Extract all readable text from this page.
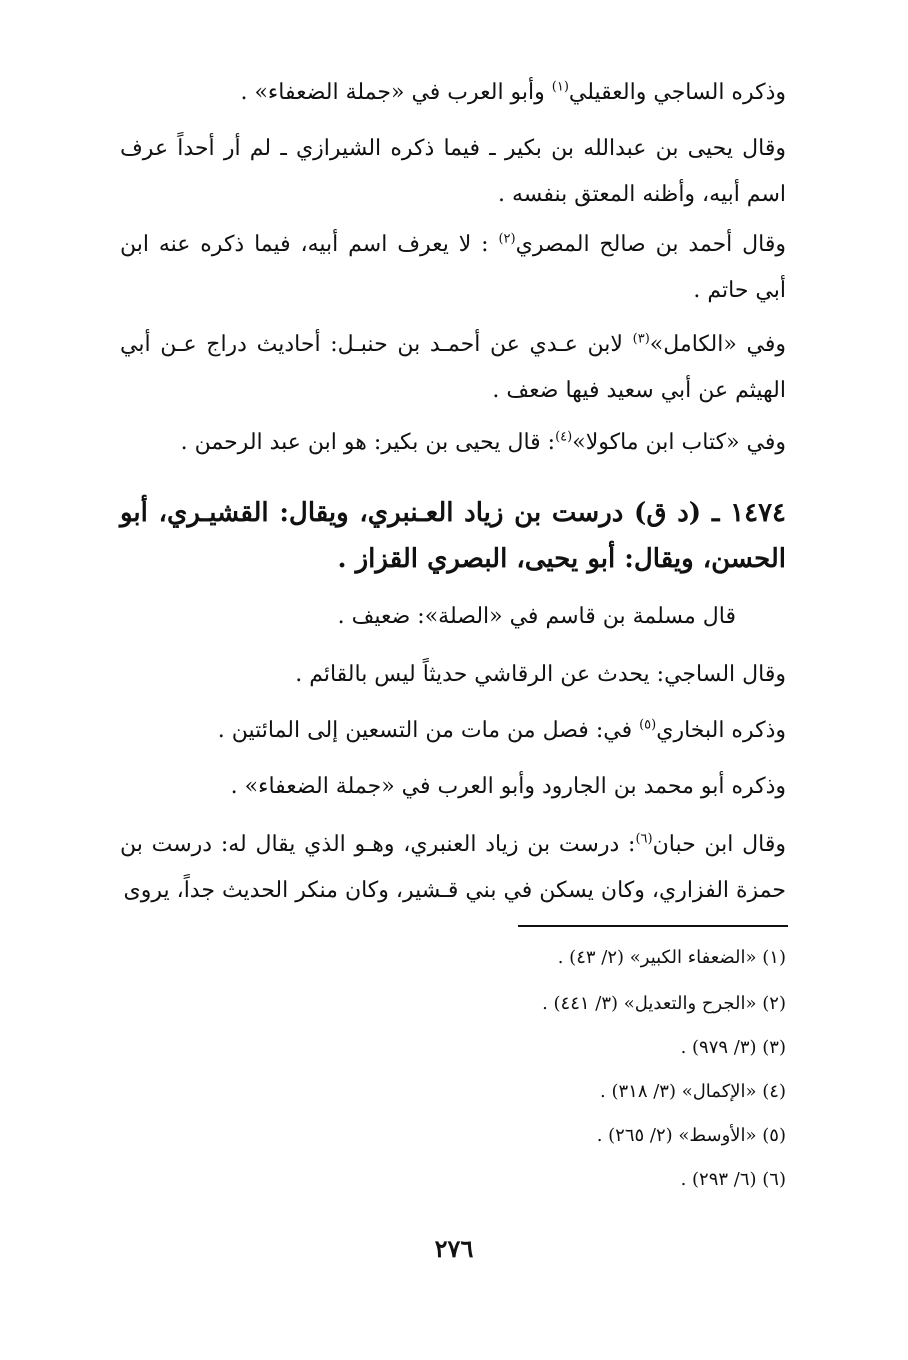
وذكره الساجي والعقيلي$^{(١)}$ وأبو العرب في «جملة الضعفاء» .

وقال يحيى بن عبدالله بن بكير ـ فيما ذكره الشيرازي ـ لم أر أحداً عرف اسم أبيه، وأظنه المعتق بنفسه .

وقال أحمد بن صالح المصري$^{(٢)}$ : لا يعرف اسم أبيه، فيما ذكره عنه ابن أبي حاتم .

وفي «الكامل»$^{(٣)}$ لابن عـدي عن أحمـد بن حنبـل: أحاديث دراج عـن أبي الهيثم عن أبي سعيد فيها ضعف .

وفي «كتاب ابن ماكولا»$^{(٤)}$: قال يحيى بن بكير: هو ابن عبد الرحمن .

١٤٧٤ ـ (د ق) درست بن زياد العـنبري، ويقال: القشيـري، أبو الحسن، ويقال: أبو يحيى، البصري القزاز .

قال مسلمة بن قاسم في «الصلة»: ضعيف .

وقال الساجي: يحدث عن الرقاشي حديثاً ليس بالقائم .

وذكره البخاري$^{(٥)}$ في: فصل من مات من التسعين إلى المائتين .

وذكره أبو محمد بن الجارود وأبو العرب في «جملة الضعفاء» .

وقال ابن حبان$^{(٦)}$: درست بن زياد العنبري، وهـو الذي يقال له: درست بن حمزة الفزاري، وكان يسكن في بني قـشير، وكان منكر الحديث جداً، يروى

(١) «الضعفاء الكبير» (٢/ ٤٣) .

(٢) «الجرح والتعديل» (٣/ ٤٤١) .

(٣) (٣/ ٩٧٩) .

(٤) «الإكمال» (٣/ ٣١٨) .

(٥) «الأوسط» (٢/ ٢٦٥) .

(٦) (٦/ ٢٩٣) .

٢٧٦
